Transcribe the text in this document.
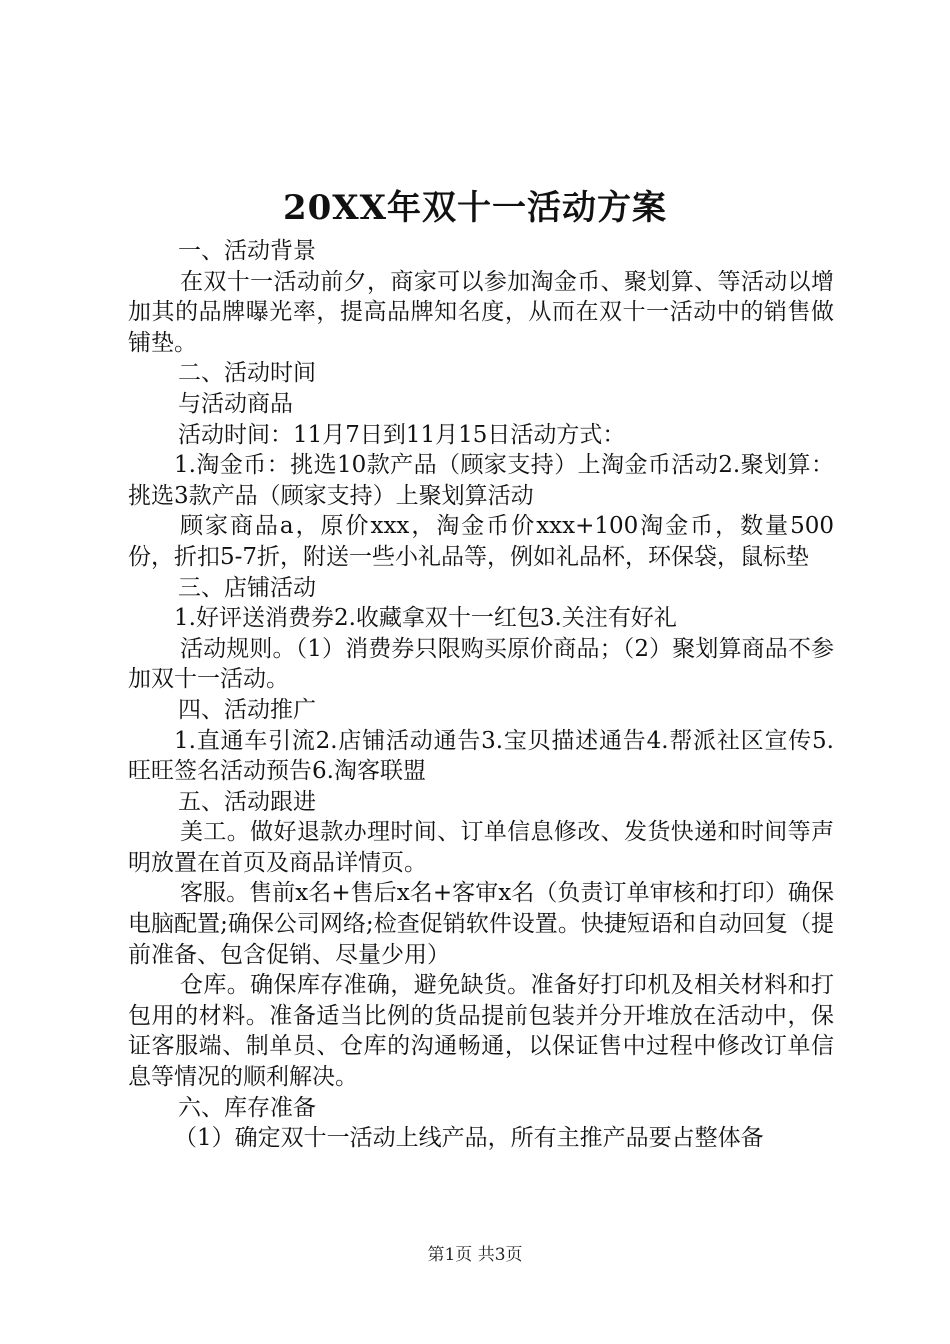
20XX年双十一活动方案

一、活动背景

在双十一活动前夕，商家可以参加淘金币、聚划算、等活动以增加其的品牌曝光率，提高品牌知名度，从而在双十一活动中的销售做铺垫。

二、活动时间

与活动商品

活动时间：11月7日到11月15日活动方式：

1.淘金币：挑选10款产品（顾家支持）上淘金币活动2.聚划算：挑选3款产品（顾家支持）上聚划算活动

顾家商品a，原价xxx，淘金币价xxx+100淘金币，数量500份，折扣5-7折，附送一些小礼品等，例如礼品杯，环保袋，鼠标垫

三、店铺活动

1.好评送消费券2.收藏拿双十一红包3.关注有好礼

活动规则。（1）消费券只限购买原价商品；（2）聚划算商品不参加双十一活动。

四、活动推广

1.直通车引流2.店铺活动通告3.宝贝描述通告4.帮派社区宣传5.旺旺签名活动预告6.淘客联盟

五、活动跟进

美工。做好退款办理时间、订单信息修改、发货快递和时间等声明放置在首页及商品详情页。

客服。售前x名+售后x名+客审x名（负责订单审核和打印）确保电脑配置;确保公司网络;检查促销软件设置。快捷短语和自动回复（提前准备、包含促销、尽量少用）

仓库。确保库存准确，避免缺货。准备好打印机及相关材料和打包用的材料。准备适当比例的货品提前包装并分开堆放在活动中，保证客服端、制单员、仓库的沟通畅通，以保证售中过程中修改订单信息等情况的顺利解决。

六、库存准备

（1）确定双十一活动上线产品，所有主推产品要占整体备

第1页 共3页
